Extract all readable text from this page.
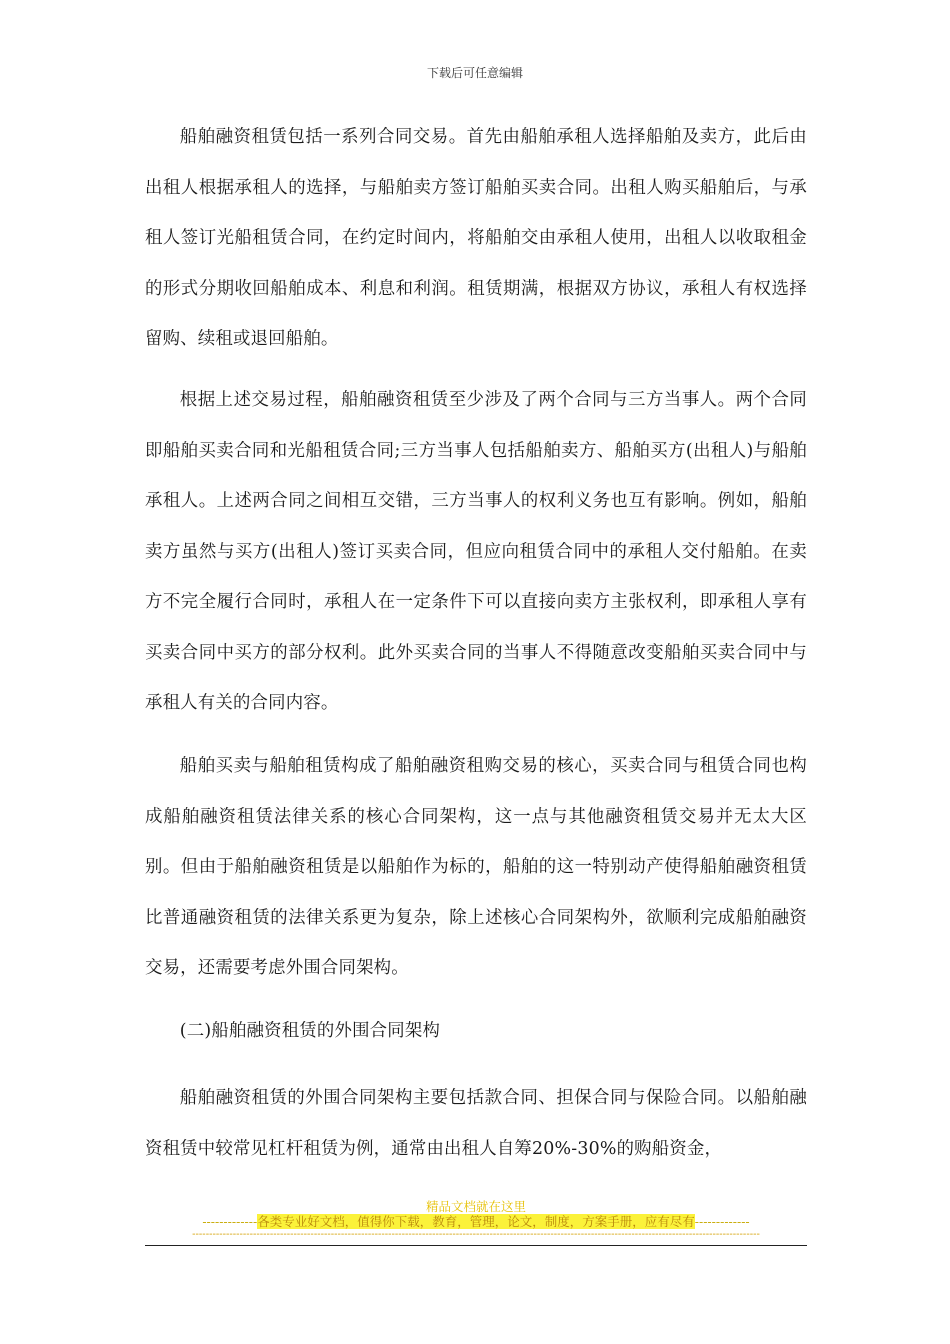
下载后可任意编辑

船舶融资租赁包括一系列合同交易。首先由船舶承租人选择船舶及卖方，此后由出租人根据承租人的选择，与船舶卖方签订船舶买卖合同。出租人购买船舶后，与承租人签订光船租赁合同，在约定时间内，将船舶交由承租人使用，出租人以收取租金的形式分期收回船舶成本、利息和利润。租赁期满，根据双方协议，承租人有权选择留购、续租或退回船舶。

根据上述交易过程，船舶融资租赁至少涉及了两个合同与三方当事人。两个合同即船舶买卖合同和光船租赁合同;三方当事人包括船舶卖方、船舶买方(出租人)与船舶承租人。上述两合同之间相互交错，三方当事人的权利义务也互有影响。例如，船舶卖方虽然与买方(出租人)签订买卖合同，但应向租赁合同中的承租人交付船舶。在卖方不完全履行合同时，承租人在一定条件下可以直接向卖方主张权利，即承租人享有买卖合同中买方的部分权利。此外买卖合同的当事人不得随意改变船舶买卖合同中与承租人有关的合同内容。

船舶买卖与船舶租赁构成了船舶融资租购交易的核心，买卖合同与租赁合同也构成船舶融资租赁法律关系的核心合同架构，这一点与其他融资租赁交易并无太大区别。但由于船舶融资租赁是以船舶作为标的，船舶的这一特别动产使得船舶融资租赁比普通融资租赁的法律关系更为复杂，除上述核心合同架构外，欲顺利完成船舶融资交易，还需要考虑外围合同架构。

(二)船舶融资租赁的外围合同架构

船舶融资租赁的外围合同架构主要包括款合同、担保合同与保险合同。以船舶融资租赁中较常见杠杆租赁为例，通常由出租人自筹20%-30%的购船资金，

精品文档就在这里
-------------各类专业好文档，值得你下载，教育，管理，论文，制度，方案手册，应有尽有-------------
------------------------------------------------------------------------------------------------------------------------------------------------------------------------
